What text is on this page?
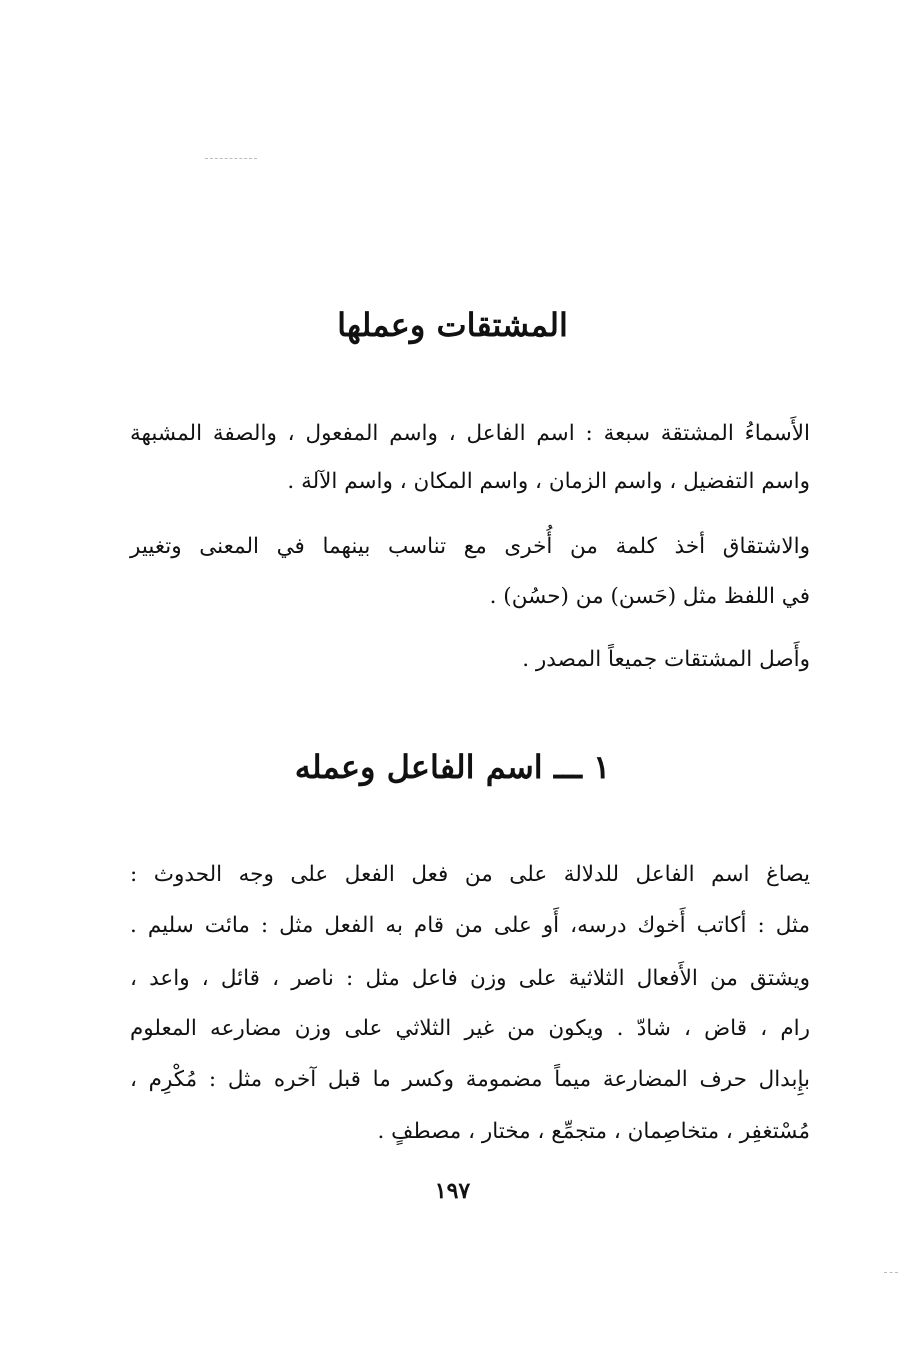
المشتقات وعملها
الأَسماءُ المشتقة سبعة : اسم الفاعل ، واسم المفعول ، والصفة المشبهة
واسم التفضيل ، واسم الزمان ، واسم المكان ، واسم الآلة .
والاشتقاق أخذ كلمة من أُخرى مع تناسب بينهما في المعنى وتغيير
في اللفظ مثل (حَسن) من (حسُن) .
وأَصل المشتقات جميعاً المصدر .
١ ـــ اسم الفاعل وعمله
يصاغ اسم الفاعل للدلالة على من فعل الفعل على وجه الحدوث :
مثل : أكاتب أَخوك درسه، أَو على من قام به الفعل مثل : مائت سليم .
ويشتق من الأَفعال الثلاثية على وزن فاعل مثل : ناصر ، قائل ، واعد ،
رام ، قاض ، شادّ . ويكون من غير الثلاثي على وزن مضارعه المعلوم
بإِبدال حرف المضارعة ميماً مضمومة وكسر ما قبل آخره مثل : مُكْرِم ،
مُسْتغفِر ، متخاصِمان ، متجمِّع ، مختار ، مصطفٍ .
١٩٧
